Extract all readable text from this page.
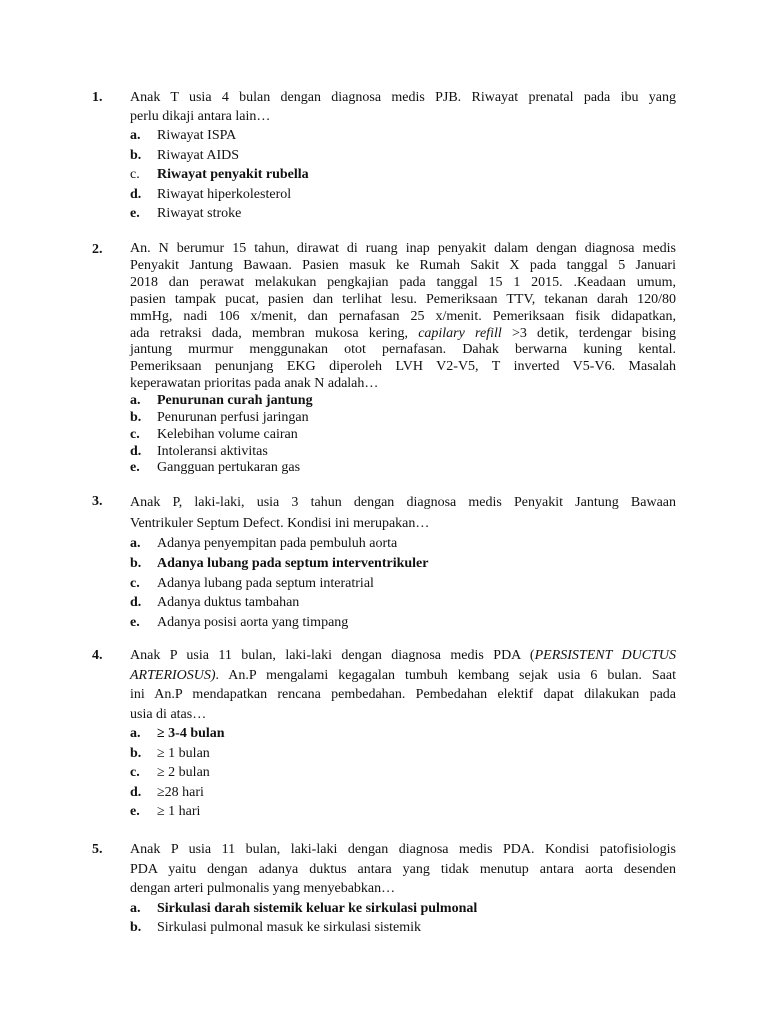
1. Anak T usia 4 bulan dengan diagnosa medis PJB. Riwayat prenatal pada ibu yang
perlu dikaji antara lain…
a. Riwayat ISPA
b. Riwayat AIDS
c. Riwayat penyakit rubella
d. Riwayat hiperkolesterol
e. Riwayat stroke
2. An. N berumur 15 tahun, dirawat di ruang inap penyakit dalam dengan diagnosa medis
Penyakit Jantung Bawaan. Pasien masuk ke Rumah Sakit X pada tanggal 5 Januari
2018 dan perawat melakukan pengkajian pada tanggal 15 1 2015. .Keadaan umum,
pasien tampak pucat, pasien dan terlihat lesu. Pemeriksaan TTV, tekanan darah 120/80
mmHg, nadi 106 x/menit, dan pernafasan 25 x/menit. Pemeriksaan fisik didapatkan,
ada retraksi dada, membran mukosa kering, capilary refill >3 detik, terdengar bising
jantung murmur menggunakan otot pernafasan. Dahak berwarna kuning kental.
Pemeriksaan penunjang EKG diperoleh LVH V2-V5, T inverted V5-V6. Masalah
keperawatan prioritas pada anak N adalah…
a. Penurunan curah jantung
b. Penurunan perfusi jaringan
c. Kelebihan volume cairan
d. Intoleransi aktivitas
e. Gangguan pertukaran gas
3. Anak P, laki-laki, usia 3 tahun dengan diagnosa medis Penyakit Jantung Bawaan
Ventrikuler Septum Defect. Kondisi ini merupakan…
a. Adanya penyempitan pada pembuluh aorta
b. Adanya lubang pada septum interventrikuler
c. Adanya lubang pada septum interatrial
d. Adanya duktus tambahan
e. Adanya posisi aorta yang timpang
4. Anak P usia 11 bulan, laki-laki dengan diagnosa medis PDA (PERSISTENT DUCTUS
ARTERIOSUS). An.P mengalami kegagalan tumbuh kembang sejak usia 6 bulan. Saat
ini An.P mendapatkan rencana pembedahan. Pembedahan elektif dapat dilakukan pada
usia di atas…
a. ≥ 3-4 bulan
b. ≥ 1 bulan
c. ≥ 2 bulan
d. ≥28 hari
e. ≥ 1 hari
5. Anak P usia 11 bulan, laki-laki dengan diagnosa medis PDA. Kondisi patofisiologis
PDA yaitu dengan adanya duktus antara yang tidak menutup antara aorta desenden
dengan arteri pulmonalis yang menyebabkan…
a. Sirkulasi darah sistemik keluar ke sirkulasi pulmonal
b. Sirkulasi pulmonal masuk ke sirkulasi sistemik
